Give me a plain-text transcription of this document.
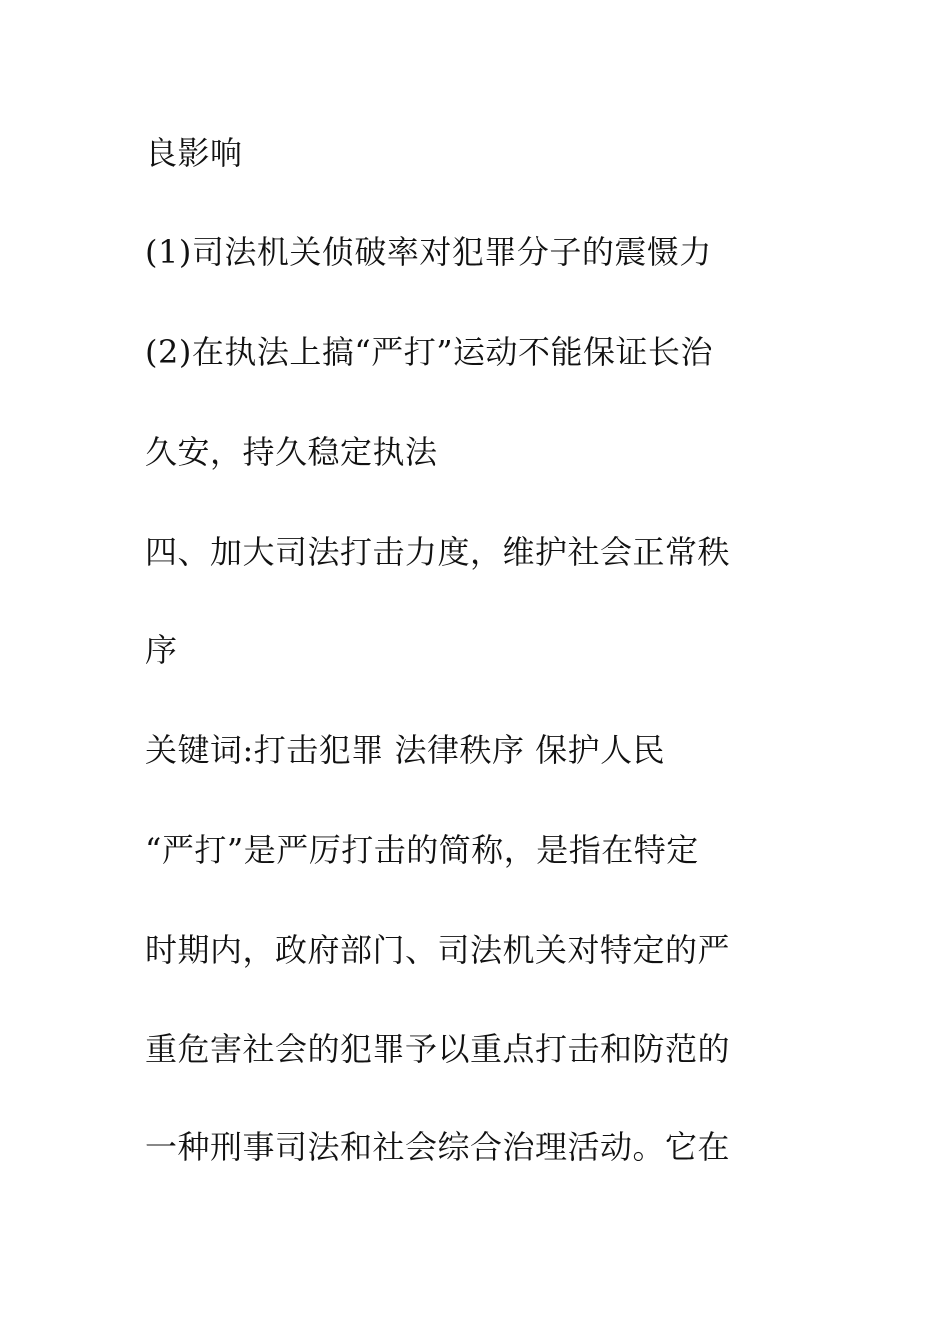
良影响
(1)司法机关侦破率对犯罪分子的震慑力
(2)在执法上搞“严打”运动不能保证长治
久安，持久稳定执法
四、加大司法打击力度，维护社会正常秩
序
关键词:打击犯罪 法律秩序 保护人民
“严打”是严厉打击的简称，是指在特定
时期内，政府部门、司法机关对特定的严
重危害社会的犯罪予以重点打击和防范的
一种刑事司法和社会综合治理活动。它在
